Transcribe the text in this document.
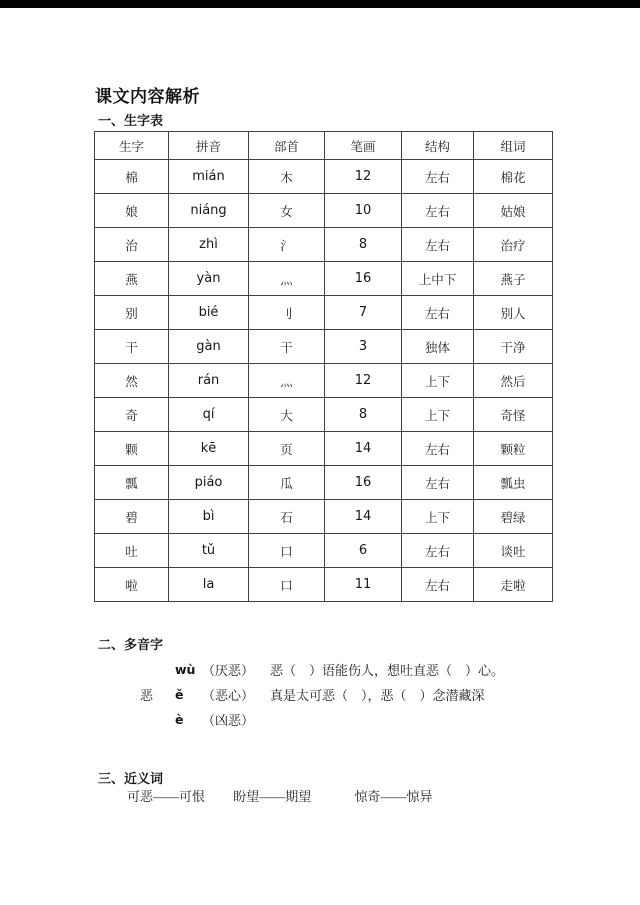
课文内容解析
一、生字表
生字	拼音	部首	笔画	结构	组词
棉	mián	木	12	左右	棉花
娘	niáng	女	10	左右	姑娘
治	zhì	氵	8	左右	治疗
燕	yàn	灬	16	上中下	燕子
别	bié	刂	7	左右	别人
干	gàn	干	3	独体	干净
然	rán	灬	12	上下	然后
奇	qí	大	8	上下	奇怪
颗	kē	页	14	左右	颗粒
瓢	piáo	瓜	16	左右	瓢虫
碧	bì	石	14	上下	碧绿
吐	tǔ	口	6	左右	谈吐
啦	la	口	11	左右	走啦
二、多音字
wù （厌恶）	恶（　）语能伤人，想吐直恶（　）心。
恶	ě	（恶心）	真是太可恶（　），恶（　）念潜藏深
è	（凶恶）
三、近义词
可恶——可恨 盼望——期望	惊奇——惊异
